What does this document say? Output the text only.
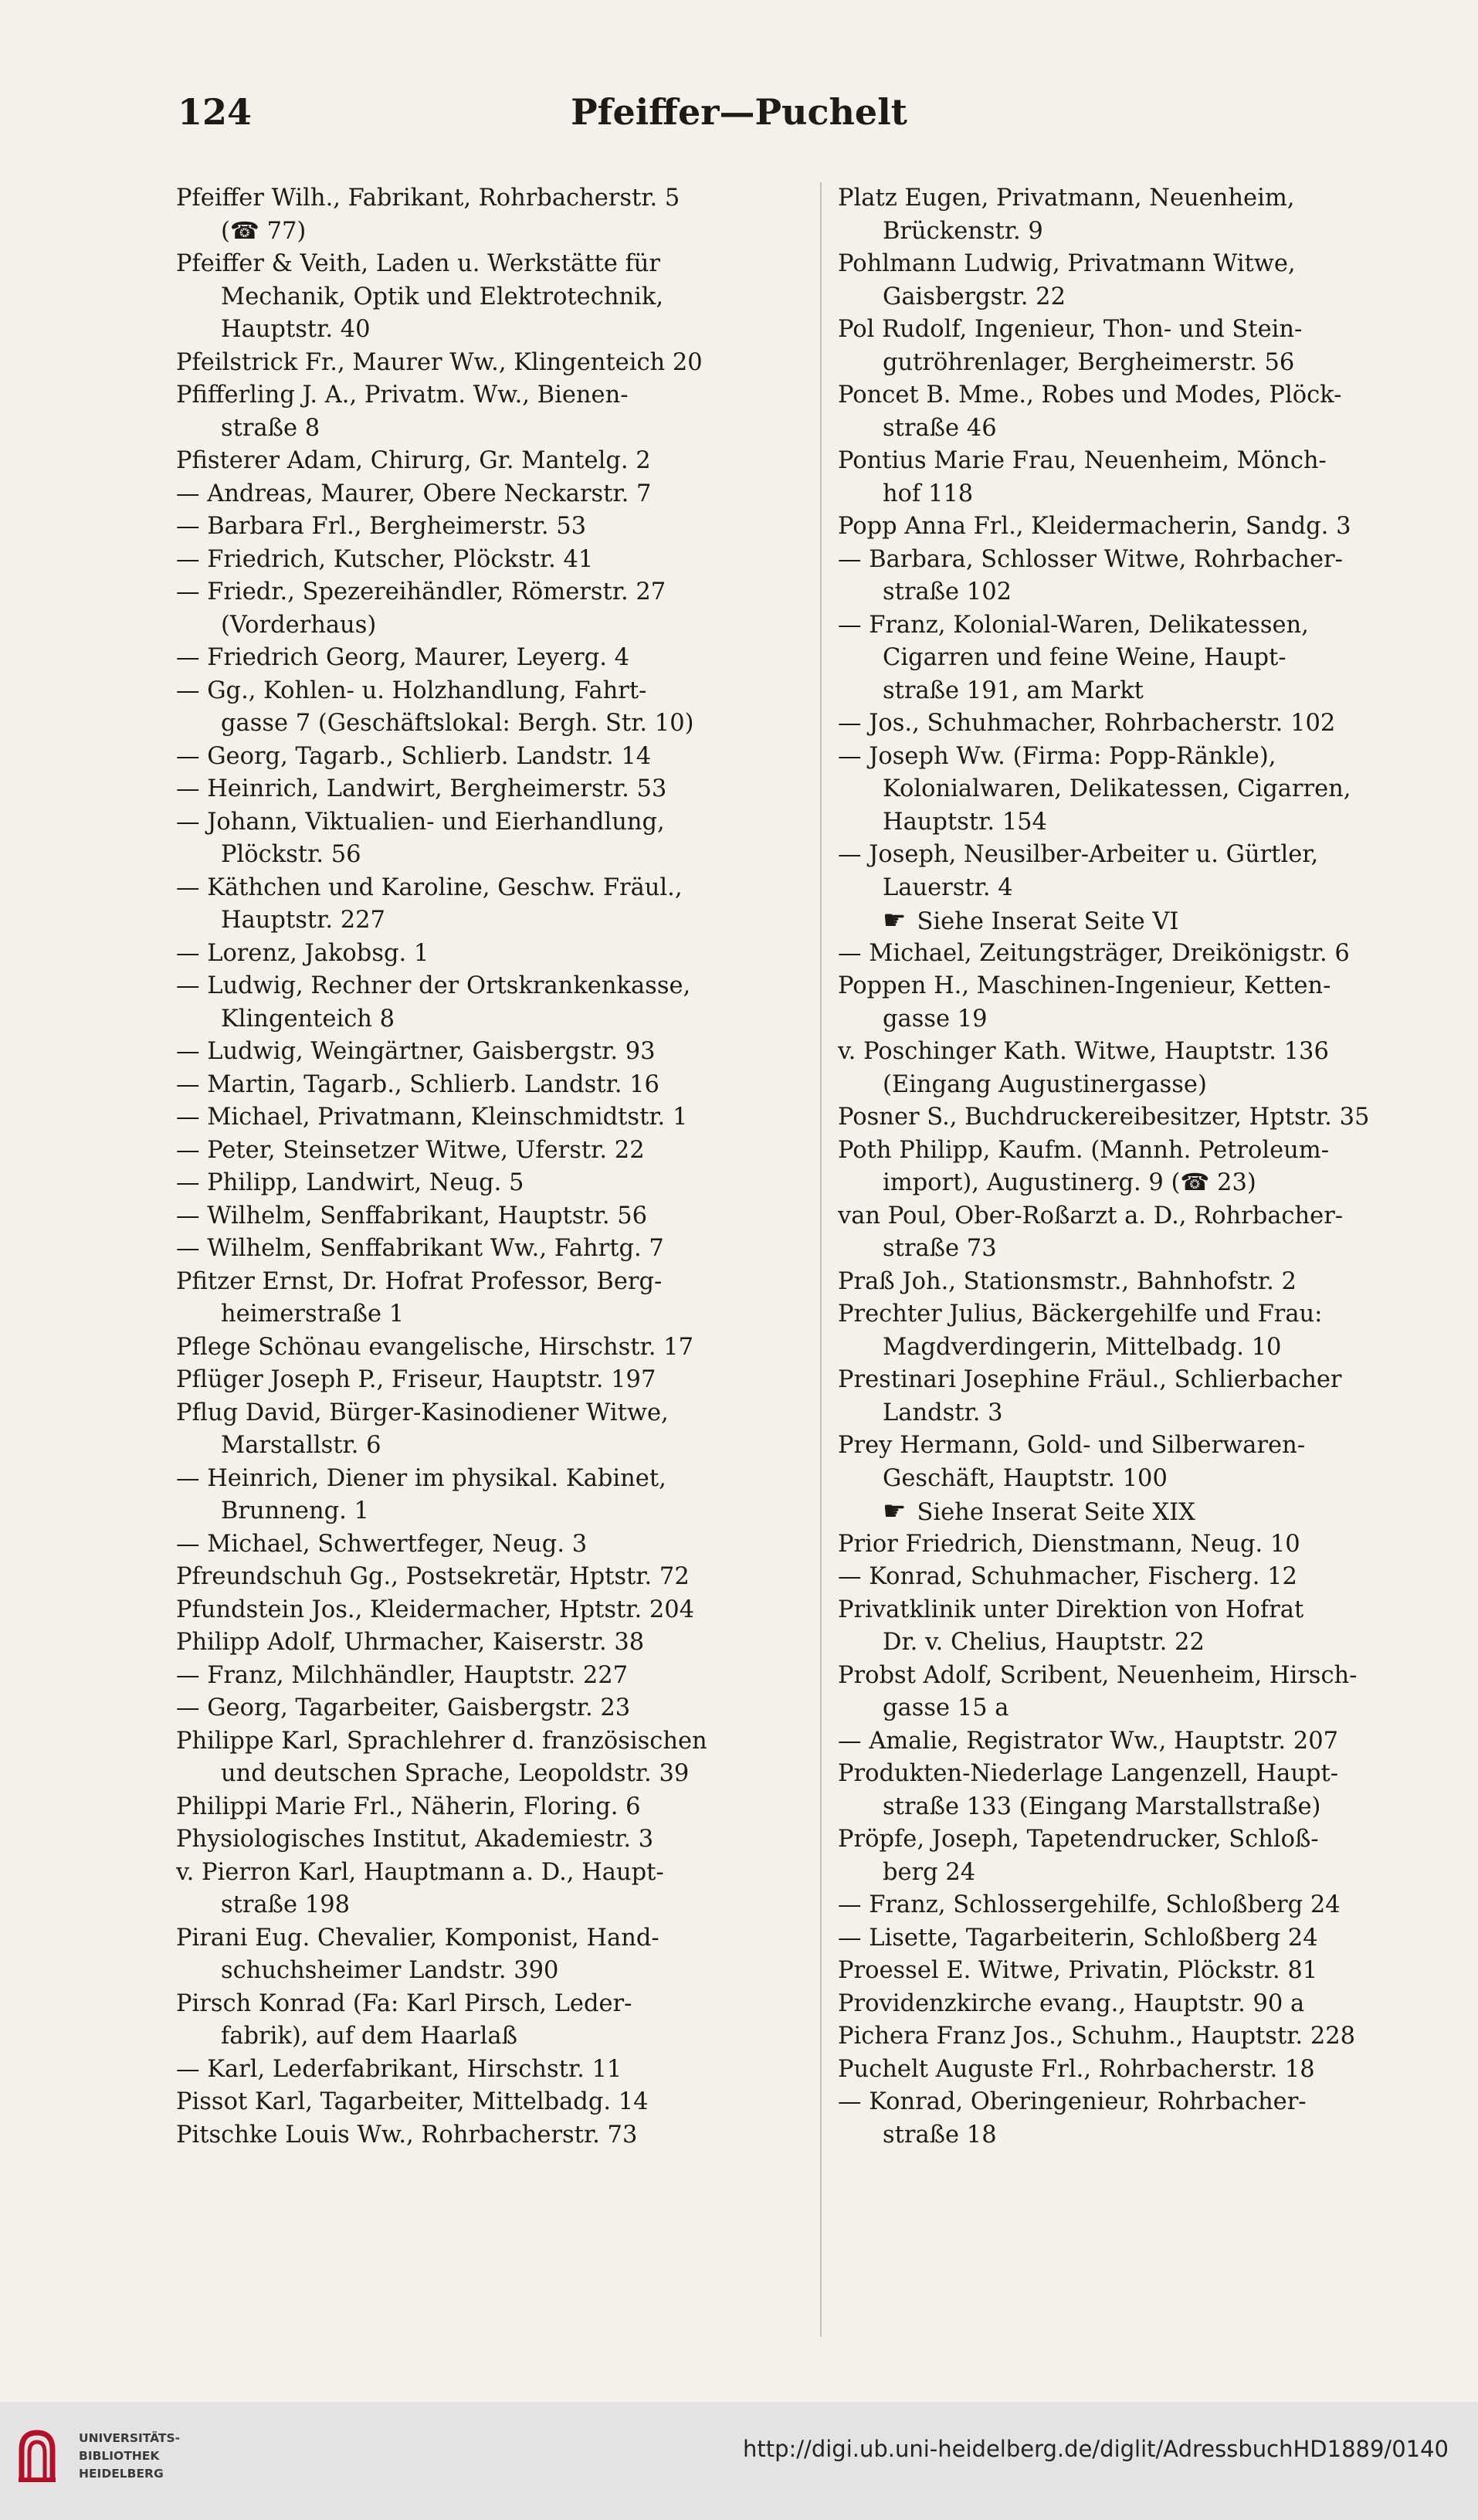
124	Pfeiffer—Puchelt
Pfeiffer Wilh., Fabrikant, Rohrbacherstr. 5
(☎ 77)
Pfeiffer & Veith, Laden u. Werkstätte für
Mechanik, Optik und Elektrotechnik,
Hauptstr. 40
Pfeilstrick Fr., Maurer Ww., Klingenteich 20
Pfifferling J. A., Privatm. Ww., Bienen-
straße 8
Pfisterer Adam, Chirurg, Gr. Mantelg. 2
— Andreas, Maurer, Obere Neckarstr. 7
— Barbara Frl., Bergheimerstr. 53
— Friedrich, Kutscher, Plöckstr. 41
— Friedr., Spezereihändler, Römerstr. 27
(Vorderhaus)
— Friedrich Georg, Maurer, Leyerg. 4
— Gg., Kohlen- u. Holzhandlung, Fahrt-
gasse 7 (Geschäftslokal: Bergh. Str. 10)
— Georg, Tagarb., Schlierb. Landstr. 14
— Heinrich, Landwirt, Bergheimerstr. 53
— Johann, Viktualien- und Eierhandlung,
Plöckstr. 56
— Käthchen und Karoline, Geschw. Fräul.,
Hauptstr. 227
— Lorenz, Jakobsg. 1
— Ludwig, Rechner der Ortskrankenkasse,
Klingenteich 8
— Ludwig, Weingärtner, Gaisbergstr. 93
— Martin, Tagarb., Schlierb. Landstr. 16
— Michael, Privatmann, Kleinschmidtstr. 1
— Peter, Steinsetzer Witwe, Uferstr. 22
— Philipp, Landwirt, Neug. 5
— Wilhelm, Senffabrikant, Hauptstr. 56
— Wilhelm, Senffabrikant Ww., Fahrtg. 7
Pfitzer Ernst, Dr. Hofrat Professor, Berg-
heimerstraße 1
Pflege Schönau evangelische, Hirschstr. 17
Pflüger Joseph P., Friseur, Hauptstr. 197
Pflug David, Bürger-Kasinodiener Witwe,
Marstallstr. 6
— Heinrich, Diener im physikal. Kabinet,
Brunneng. 1
— Michael, Schwertfeger, Neug. 3
Pfreundschuh Gg., Postsekretär, Hptstr. 72
Pfundstein Jos., Kleidermacher, Hptstr. 204
Philipp Adolf, Uhrmacher, Kaiserstr. 38
— Franz, Milchhändler, Hauptstr. 227
— Georg, Tagarbeiter, Gaisbergstr. 23
Philippe Karl, Sprachlehrer d. französischen
und deutschen Sprache, Leopoldstr. 39
Philippi Marie Frl., Näherin, Floring. 6
Physiologisches Institut, Akademiestr. 3
v. Pierron Karl, Hauptmann a. D., Haupt-
straße 198
Pirani Eug. Chevalier, Komponist, Hand-
schuchsheimer Landstr. 390
Pirsch Konrad (Fa: Karl Pirsch, Leder-
fabrik), auf dem Haarlaß
— Karl, Lederfabrikant, Hirschstr. 11
Pissot Karl, Tagarbeiter, Mittelbadg. 14
Pitschke Louis Ww., Rohrbacherstr. 73
Platz Eugen, Privatmann, Neuenheim,
Brückenstr. 9
Pohlmann Ludwig, Privatmann Witwe,
Gaisbergstr. 22
Pol Rudolf, Ingenieur, Thon- und Stein-
gutröhrenlager, Bergheimerstr. 56
Poncet B. Mme., Robes und Modes, Plöck-
straße 46
Pontius Marie Frau, Neuenheim, Mönch-
hof 118
Popp Anna Frl., Kleidermacherin, Sandg. 3
— Barbara, Schlosser Witwe, Rohrbacher-
straße 102
— Franz, Kolonial-Waren, Delikatessen,
Cigarren und feine Weine, Haupt-
straße 191, am Markt
— Jos., Schuhmacher, Rohrbacherstr. 102
— Joseph Ww. (Firma: Popp-Ränkle),
Kolonialwaren, Delikatessen, Cigarren,
Hauptstr. 154
— Joseph, Neusilber-Arbeiter u. Gürtler,
Lauerstr. 4
☛ Siehe Inserat Seite VI
— Michael, Zeitungsträger, Dreikönigstr. 6
Poppen H., Maschinen-Ingenieur, Ketten-
gasse 19
v. Poschinger Kath. Witwe, Hauptstr. 136
(Eingang Augustinergasse)
Posner S., Buchdruckereibesitzer, Hptstr. 35
Poth Philipp, Kaufm. (Mannh. Petroleum-
import), Augustinerg. 9 (☎ 23)
van Poul, Ober-Roßarzt a. D., Rohrbacher-
straße 73
Praß Joh., Stationsmstr., Bahnhofstr. 2
Prechter Julius, Bäckergehilfe und Frau:
Magdverdingerin, Mittelbadg. 10
Prestinari Josephine Fräul., Schlierbacher
Landstr. 3
Prey Hermann, Gold- und Silberwaren-
Geschäft, Hauptstr. 100
☛ Siehe Inserat Seite XIX
Prior Friedrich, Dienstmann, Neug. 10
— Konrad, Schuhmacher, Fischerg. 12
Privatklinik unter Direktion von Hofrat
Dr. v. Chelius, Hauptstr. 22
Probst Adolf, Scribent, Neuenheim, Hirsch-
gasse 15 a
— Amalie, Registrator Ww., Hauptstr. 207
Produkten-Niederlage Langenzell, Haupt-
straße 133 (Eingang Marstallstraße)
Pröpfe, Joseph, Tapetendrucker, Schloß-
berg 24
— Franz, Schlossergehilfe, Schloßberg 24
— Lisette, Tagarbeiterin, Schloßberg 24
Proessel E. Witwe, Privatin, Plöckstr. 81
Providenzkirche evang., Hauptstr. 90 a
Pichera Franz Jos., Schuhm., Hauptstr. 228
Puchelt Auguste Frl., Rohrbacherstr. 18
— Konrad, Oberingenieur, Rohrbacher-
straße 18
UNIVERSITÄTS-
BIBLIOTHEK
HEIDELBERG
http://digi.ub.uni-heidelberg.de/diglit/AdressbuchHD1889/0140
